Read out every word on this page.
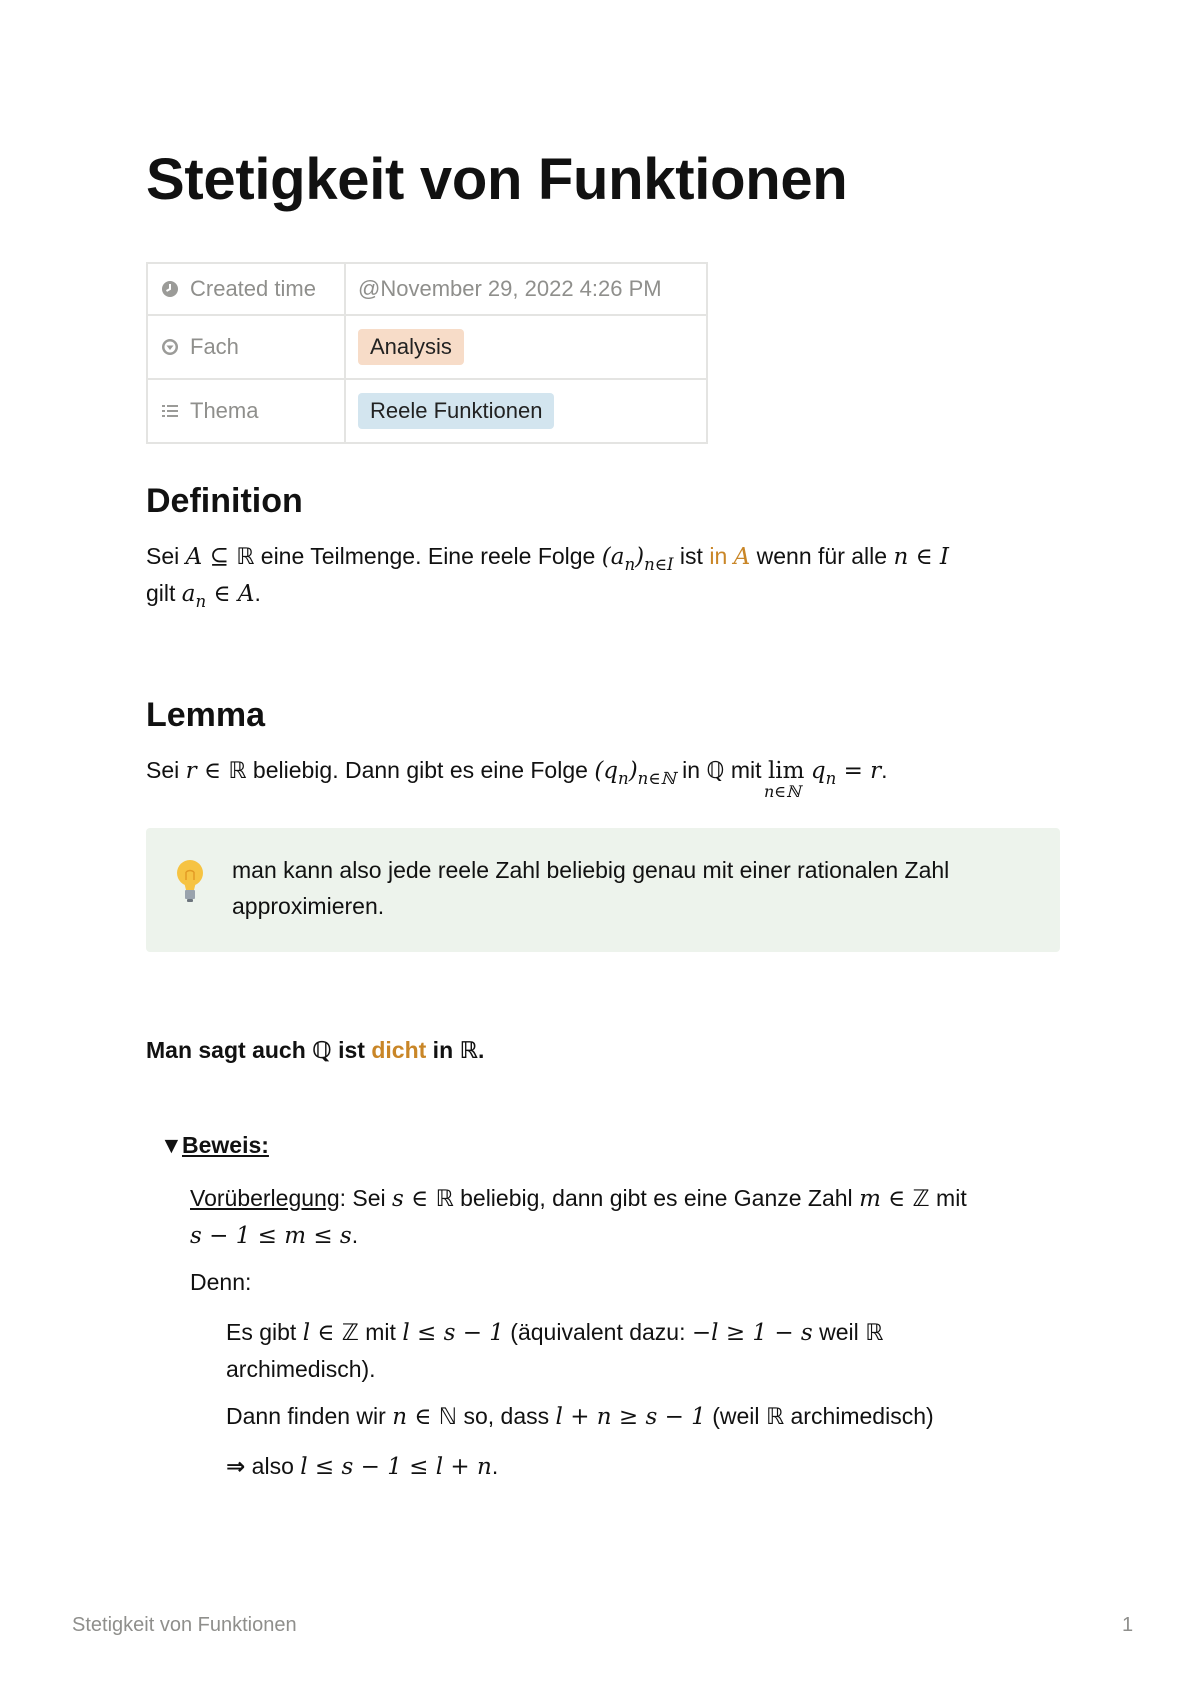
Stetigkeit von Funktionen
Created time	@November 29, 2022 4:26 PM
Fach	Analysis
Thema	Reele Funktionen
Definition

Sei A ⊆ ℝ eine Teilmenge. Eine reele Folge $(a_n)_{n\in I}$ ist in A wenn für alle n ∈ I
gilt $a_n$ ∈ A.

Lemma

Sei r ∈ ℝ beliebig. Dann gibt es eine Folge $(q_n)_{n\in ℕ}$ in ℚ mit lim
n∈ℕ
$q_n = r$.

man kann also jede reele Zahl beliebig genau mit einer rationalen Zahl approximieren.

Man sagt auch ℚ ist dicht in ℝ.

▼Beweis:

Vorüberlegung: Sei s ∈ ℝ beliebig, dann gibt es eine Ganze Zahl m ∈ ℤ mit
s − 1 ≤ m ≤ s.

Denn:

Es gibt l ∈ ℤ mit l ≤ s − 1 (äquivalent dazu: −l ≥ 1 − s weil ℝ
archimedisch).

Dann finden wir n ∈ ℕ so, dass l + n ≥ s − 1 (weil ℝ archimedisch)

⇒ also l ≤ s − 1 ≤ l + n.

Stetigkeit von Funktionen	1
